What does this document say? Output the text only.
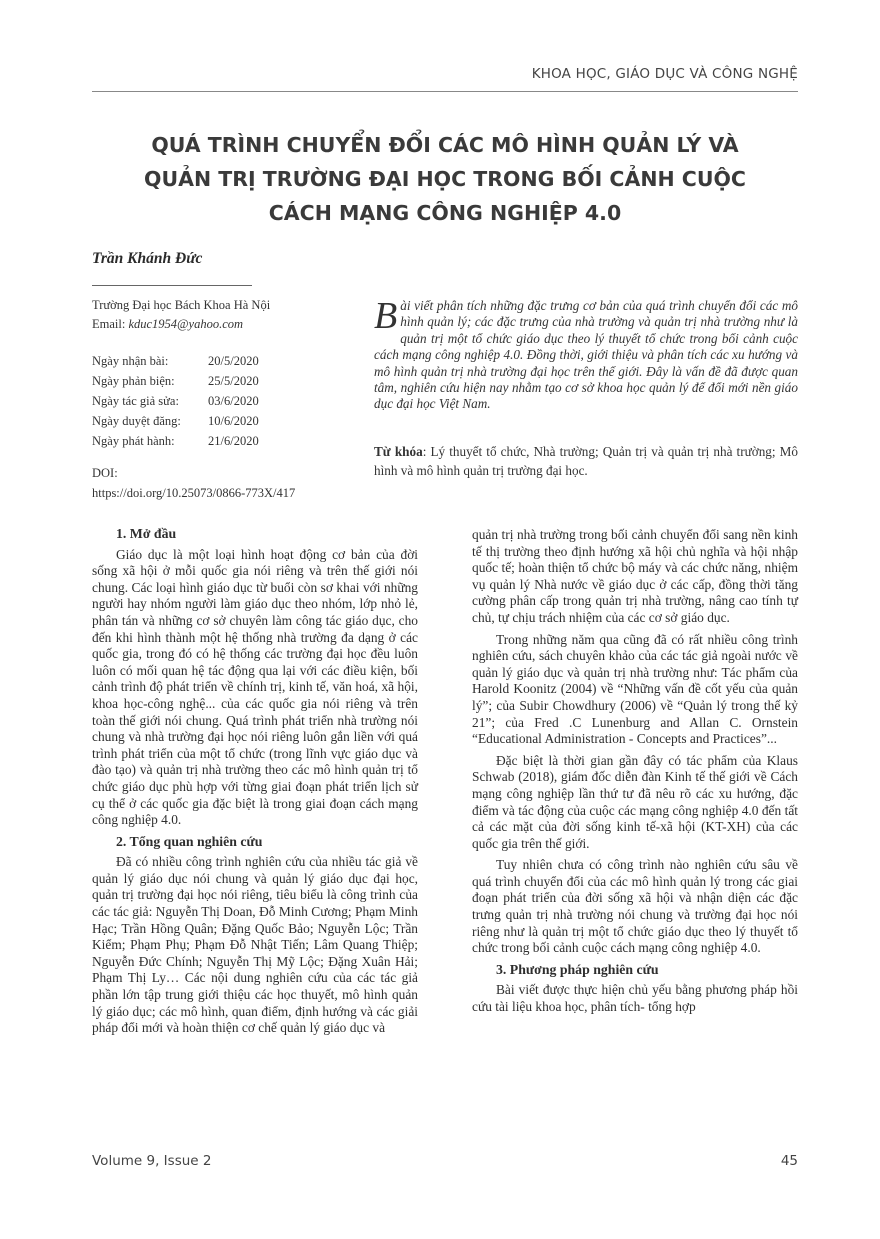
KHOA HỌC, GIÁO DỤC VÀ CÔNG NGHỆ
QUÁ TRÌNH CHUYỂN ĐỔI CÁC MÔ HÌNH QUẢN LÝ VÀ
QUẢN TRỊ TRƯỜNG ĐẠI HỌC TRONG BỐI CẢNH CUỘC
CÁCH MẠNG CÔNG NGHIỆP 4.0
Trần Khánh Đức
Trường Đại học Bách Khoa Hà Nội
Email: kduc1954@yahoo.com
Ngày nhận bài:	20/5/2020
Ngày phản biện:	25/5/2020
Ngày tác giả sửa:	03/6/2020
Ngày duyệt đăng:	10/6/2020
Ngày phát hành:	21/6/2020
DOI:
https://doi.org/10.25073/0866-773X/417
Bài viết phân tích những đặc trưng cơ bản của quá trình chuyển đổi các mô hình quản lý; các đặc trưng của nhà trường và quản trị nhà trường như là quản trị một tổ chức giáo dục theo lý thuyết tổ chức trong bối cảnh cuộc cách mạng công nghiệp 4.0. Đồng thời, giới thiệu và phân tích các xu hướng và mô hình quản trị nhà trường đại học trên thế giới. Đây là vấn đề đã được quan tâm, nghiên cứu hiện nay nhằm tạo cơ sở khoa học quản lý để đổi mới nền giáo dục đại học Việt Nam.
Từ khóa: Lý thuyết tổ chức, Nhà trường; Quản trị và quản trị nhà trường; Mô hình và mô hình quản trị trường đại học.
1. Mở đầu

Giáo dục là một loại hình hoạt động cơ bản của đời sống xã hội ở mỗi quốc gia nói riêng và trên thế giới nói chung. Các loại hình giáo dục từ buổi còn sơ khai với những người hay nhóm người làm giáo dục theo nhóm, lớp nhỏ lẻ, phân tán và những cơ sở chuyên làm công tác giáo dục, cho đến khi hình thành một hệ thống nhà trường đa dạng ở các quốc gia, trong đó có hệ thống các trường đại học đều luôn luôn có mối quan hệ tác động qua lại với các điều kiện, bối cảnh trình độ phát triển về chính trị, kinh tế, văn hoá, xã hội, khoa học-công nghệ... của các quốc gia nói riêng và trên toàn thế giới nói chung. Quá trình phát triển nhà trường nói chung và nhà trường đại học nói riêng luôn gắn liền với quá trình phát triển của một tổ chức (trong lĩnh vực giáo dục và đào tạo) và quản trị nhà trường theo các mô hình quản trị tổ chức giáo dục phù hợp với từng giai đoạn phát triển lịch sử cụ thể ở các quốc gia đặc biệt là trong giai đoạn cách mạng công nghiệp 4.0.

2. Tổng quan nghiên cứu

Đã có nhiều công trình nghiên cứu của nhiều tác giả về quản lý giáo dục nói chung và quản lý giáo dục đại học, quản trị trường đại học nói riêng, tiêu biểu là công trình của các tác giả: Nguyễn Thị Doan, Đỗ Minh Cương; Phạm Minh Hạc; Trần Hồng Quân; Đặng Quốc Bảo; Nguyễn Lộc; Trần Kiểm; Phạm Phụ; Phạm Đỗ Nhật Tiến; Lâm Quang Thiệp; Nguyễn Đức Chính; Nguyễn Thị Mỹ Lộc; Đặng Xuân Hải; Phạm Thị Ly… Các nội dung nghiên cứu của các tác giả phần lớn tập trung giới thiệu các học thuyết, mô hình quản lý giáo dục; các mô hình, quan điểm, định hướng và các giải pháp đổi mới và hoàn thiện cơ chế quản lý giáo dục và

quản trị nhà trường trong bối cảnh chuyển đổi sang nền kinh tế thị trường theo định hướng xã hội chủ nghĩa và hội nhập quốc tế; hoàn thiện tổ chức bộ máy và các chức năng, nhiệm vụ quản lý Nhà nước về giáo dục ở các cấp, đồng thời tăng cường phân cấp trong quản trị nhà trường, nâng cao tính tự chủ, tự chịu trách nhiệm của các cơ sở giáo dục.

Trong những năm qua cũng đã có rất nhiều công trình nghiên cứu, sách chuyên khảo của các tác giả ngoài nước về quản lý giáo dục và quản trị nhà trường như: Tác phẩm của Harold Koonitz (2004) về “Những vấn đề cốt yếu của quản lý”; của Subir Chowdhury (2006) về “Quản lý trong thế kỷ 21”; của Fred .C Lunenburg and Allan C. Ornstein “Educational Administration - Concepts and Practices”...

Đặc biệt là thời gian gần đây có tác phẩm của Klaus Schwab (2018), giám đốc diễn đàn Kinh tế thế giới về Cách mạng công nghiệp lần thứ tư đã nêu rõ các xu hướng, đặc điểm và tác động của cuộc các mạng công nghiệp 4.0 đến tất cả các mặt của đời sống kinh tế-xã hội (KT-XH) của các quốc gia trên thế giới.

Tuy nhiên chưa có công trình nào nghiên cứu sâu về quá trình chuyển đổi của các mô hình quản lý trong các giai đoạn phát triển của đời sống xã hội và nhận diện các đặc trưng quản trị nhà trường nói chung và trường đại học nói riêng như là quản trị một tổ chức giáo dục theo lý thuyết tổ chức trong bối cảnh cuộc cách mạng công nghiệp 4.0.

3. Phương pháp nghiên cứu

Bài viết được thực hiện chủ yếu bằng phương pháp hồi cứu tài liệu khoa học, phân tích- tổng hợp

Volume 9, Issue 2	45
